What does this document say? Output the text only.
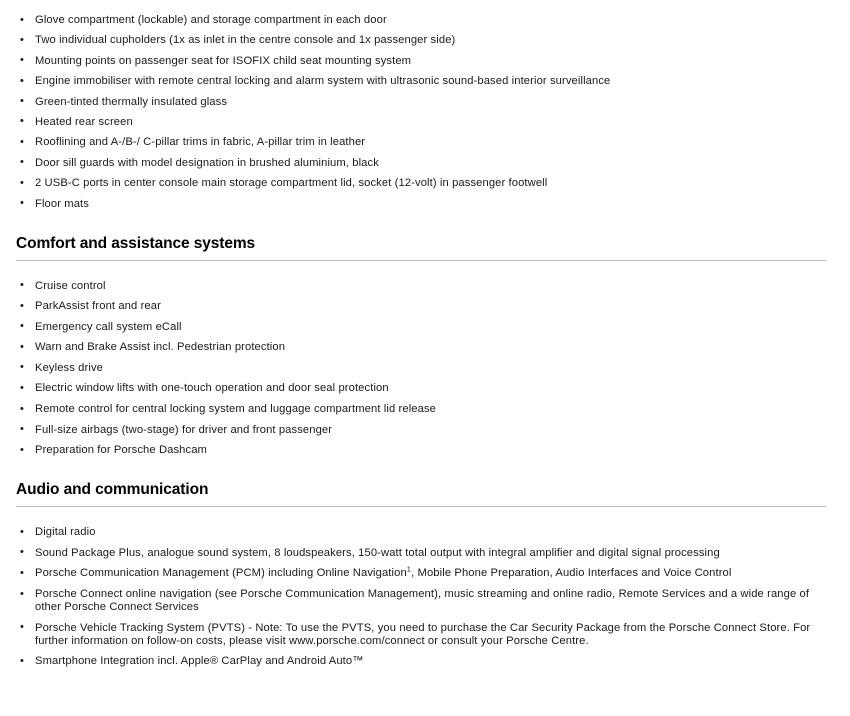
• Glove compartment (lockable) and storage compartment in each door
• Two individual cupholders (1x as inlet in the centre console and 1x passenger side)
• Mounting points on passenger seat for ISOFIX child seat mounting system
• Engine immobiliser with remote central locking and alarm system with ultrasonic sound-based interior surveillance
• Green-tinted thermally insulated glass
• Heated rear screen
• Rooflining and A-/B-/ C-pillar trims in fabric, A-pillar trim in leather
• Door sill guards with model designation in brushed aluminium, black
• 2 USB-C ports in center console main storage compartment lid, socket (12-volt) in passenger footwell
• Floor mats
Comfort and assistance systems
• Cruise control
• ParkAssist front and rear
• Emergency call system eCall
• Warn and Brake Assist incl. Pedestrian protection
• Keyless drive
• Electric window lifts with one-touch operation and door seal protection
• Remote control for central locking system and luggage compartment lid release
• Full-size airbags (two-stage) for driver and front passenger
• Preparation for Porsche Dashcam
Audio and communication
• Digital radio
• Sound Package Plus, analogue sound system, 8 loudspeakers, 150-watt total output with integral amplifier and digital signal processing
• Porsche Communication Management (PCM) including Online Navigation$^1$, Mobile Phone Preparation, Audio Interfaces and Voice Control
• Porsche Connect online navigation (see Porsche Communication Management), music streaming and online radio, Remote Services and a wide range of other Porsche Connect Services
• Porsche Vehicle Tracking System (PVTS) - Note: To use the PVTS, you need to purchase the Car Security Package from the Porsche Connect Store. For further information on follow-on costs, please visit www.porsche.com/connect or consult your Porsche Centre.
• Smartphone Integration incl. Apple® CarPlay and Android Auto™
